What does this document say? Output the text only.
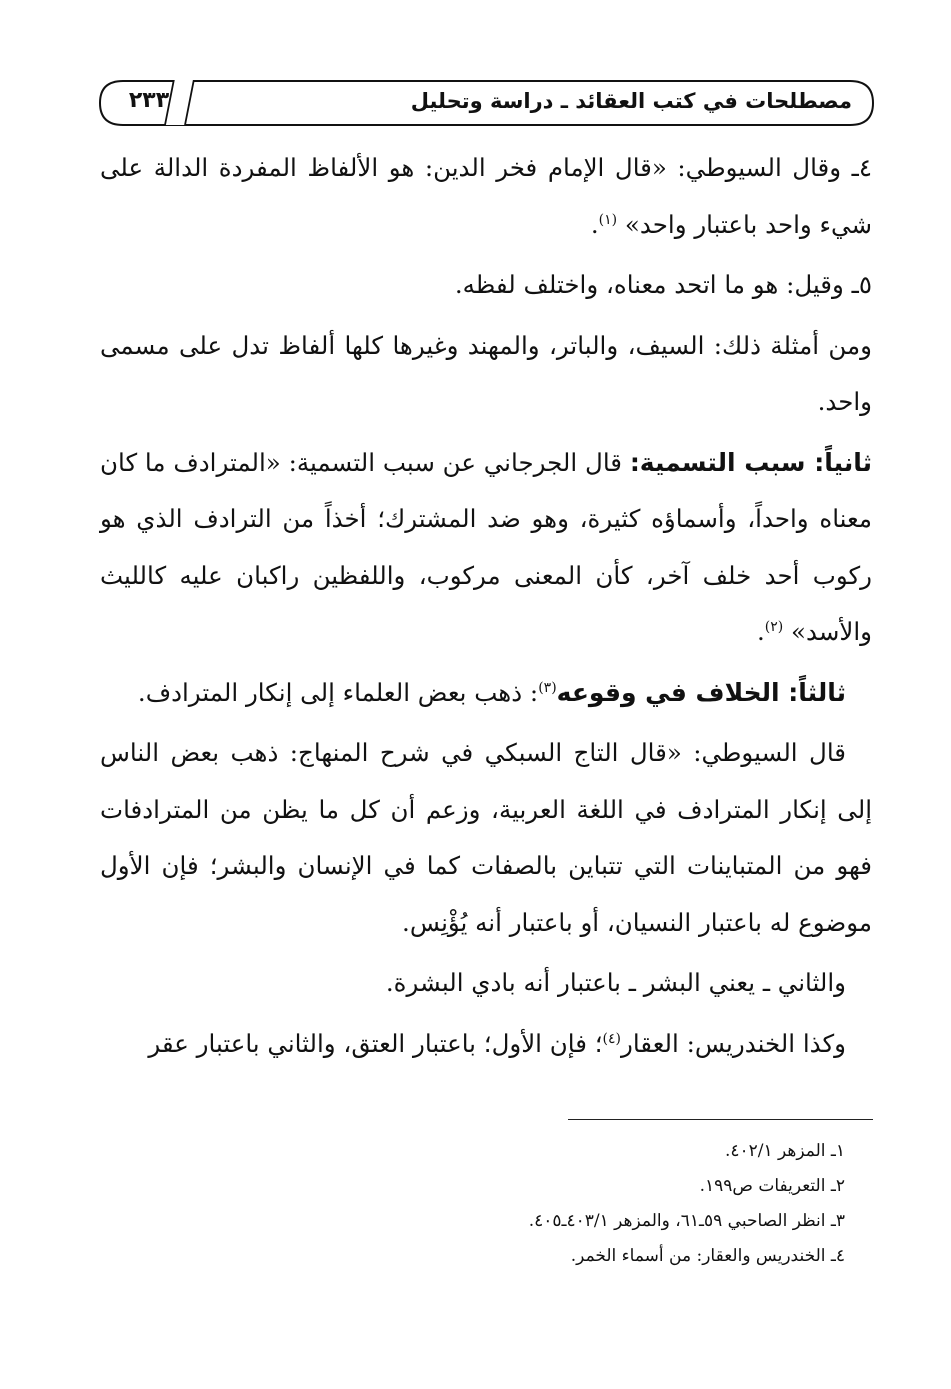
٢٣٣	مصطلحات في كتب العقائد ـ دراسة وتحليل

٤ـ وقال السيوطي: «قال الإمام فخر الدين: هو الألفاظ المفردة الدالة على شيء واحد باعتبار واحد» $^{(١)}$.

٥ـ وقيل: هو ما اتحد معناه، واختلف لفظه.

ومن أمثلة ذلك: السيف، والباتر، والمهند وغيرها كلها ألفاظ تدل على مسمى واحد.

ثانياً: سبب التسمية: قال الجرجاني عن سبب التسمية: «المترادف ما كان معناه واحداً، وأسماؤه كثيرة، وهو ضد المشترك؛ أخذاً من الترادف الذي هو ركوب أحد خلف آخر، كأن المعنى مركوب، واللفظين راكبان عليه كالليث والأسد» $^{(٢)}$.

ثالثاً: الخلاف في وقوعه$^{(٣)}$: ذهب بعض العلماء إلى إنكار المترادف.

قال السيوطي: «قال التاج السبكي في شرح المنهاج: ذهب بعض الناس إلى إنكار المترادف في اللغة العربية، وزعم أن كل ما يظن من المترادفات فهو من المتباينات التي تتباين بالصفات كما في الإنسان والبشر؛ فإن الأول موضوع له باعتبار النسيان، أو باعتبار أنه يُؤْنِس.

والثاني ـ يعني البشر ـ باعتبار أنه بادي البشرة.

وكذا الخندريس: العقار$^{(٤)}$؛ فإن الأول؛ باعتبار العتق، والثاني باعتبار عقر

١ـ المزهر ٤٠٢/١.
٢ـ التعريفات ص١٩٩.
٣ـ انظر الصاحبي ٥٩ـ٦١، والمزهر ٤٠٣/١ـ٤٠٥.
٤ـ الخندريس والعقار: من أسماء الخمر.
